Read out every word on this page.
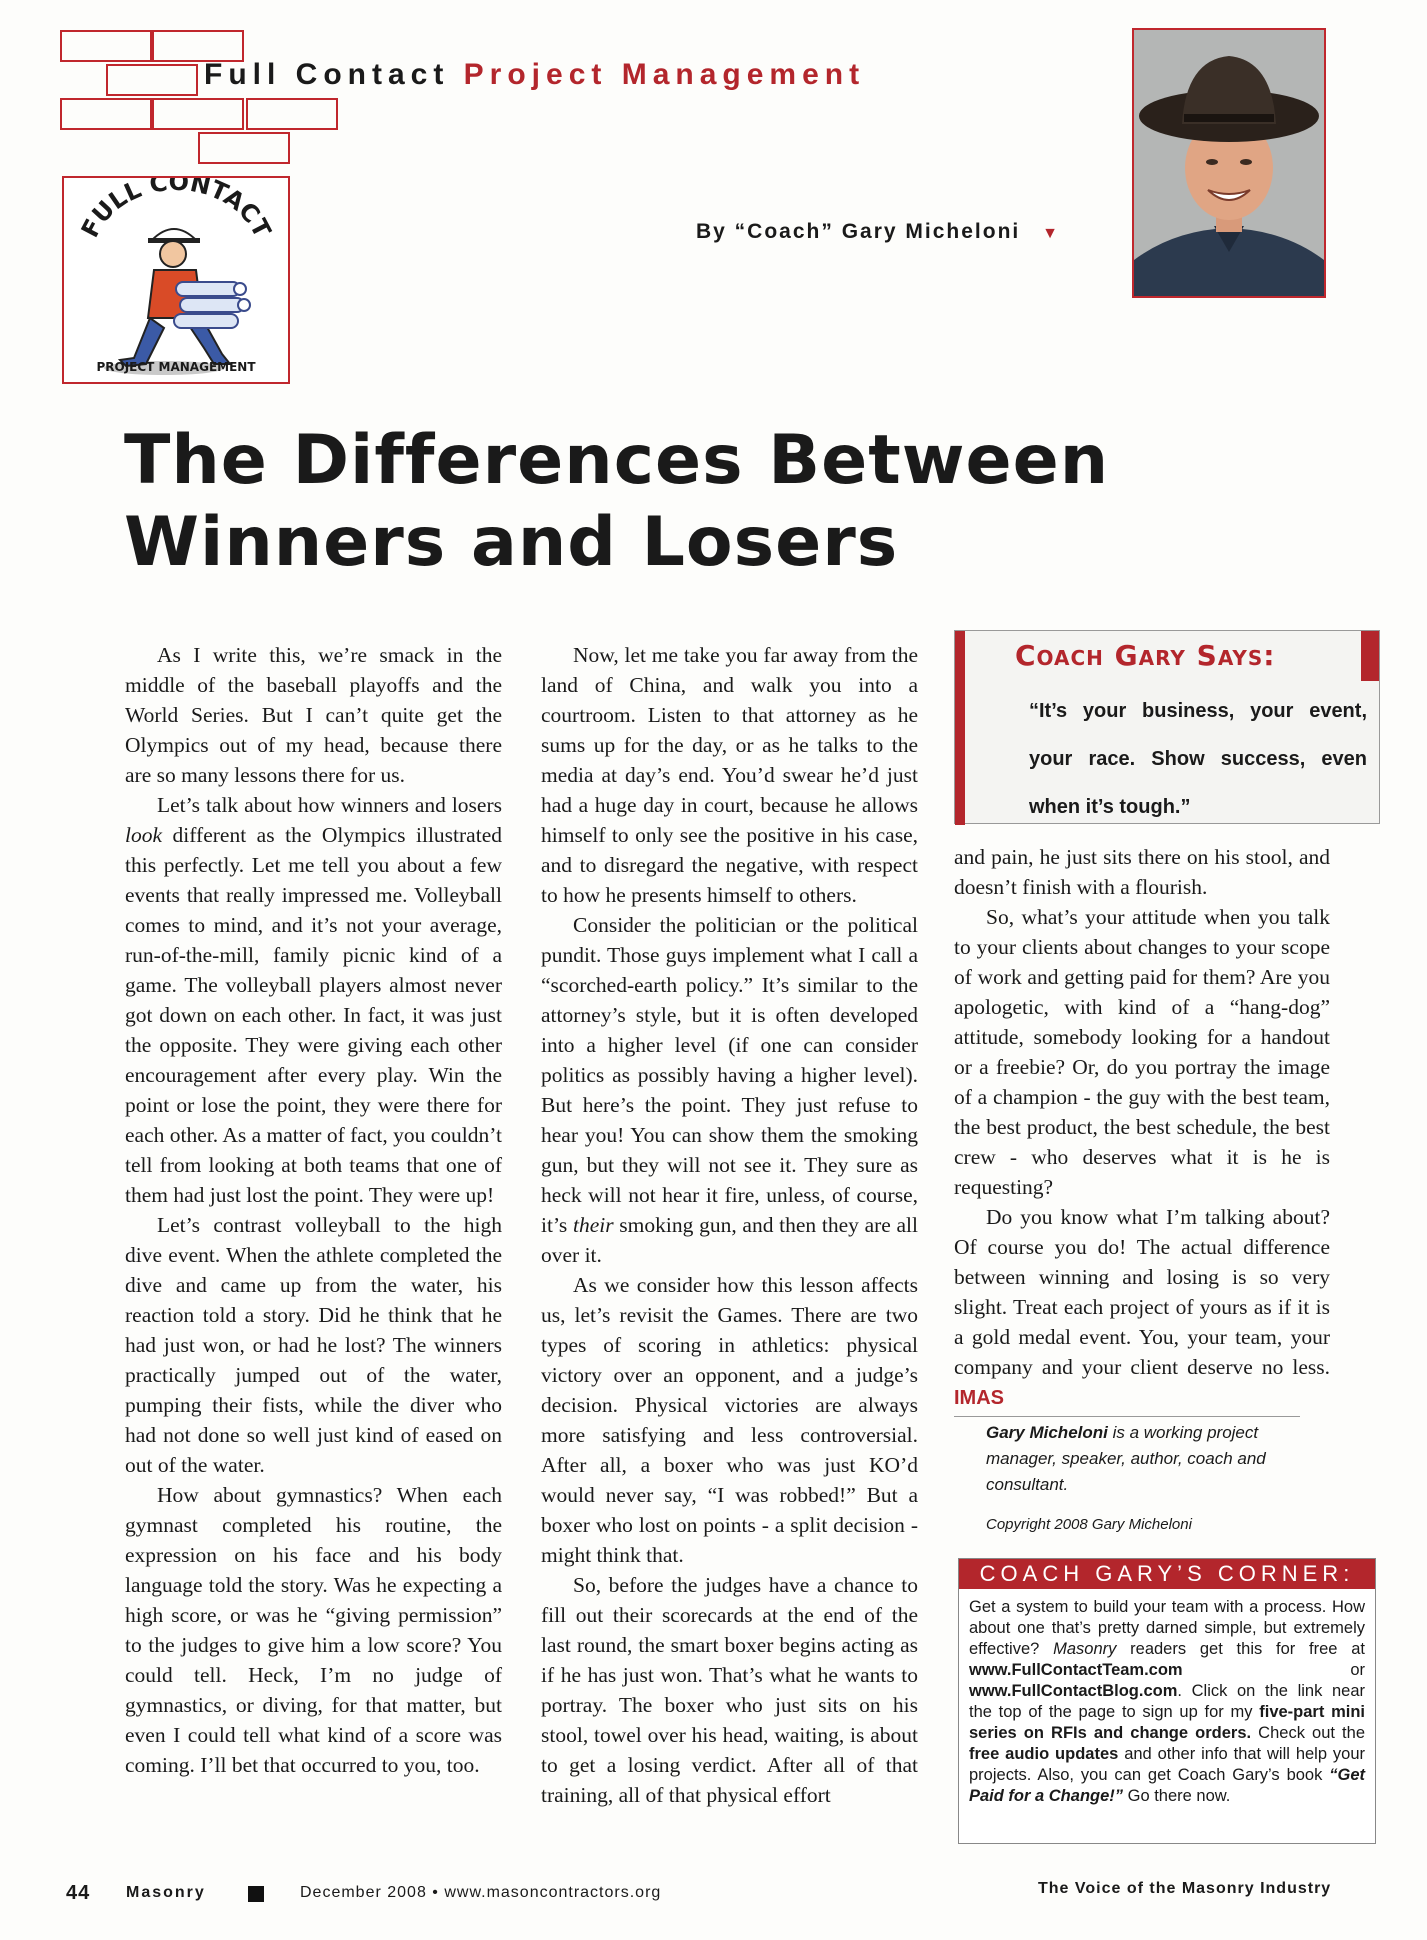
Full Contact Project Management
FULL CONTACT
PROJECT MANAGEMENT
By “Coach” Gary Micheloni ▼
The Differences Between
Winners and Losers

As I write this, we’re smack in the middle of the baseball playoffs and the World Series. But I can’t quite get the Olympics out of my head, because there are so many lessons there for us.

Let’s talk about how winners and losers look different as the Olympics illustrated this perfectly. Let me tell you about a few events that really impressed me. Volleyball comes to mind, and it’s not your average, run-of-the-mill, family picnic kind of a game. The volleyball players almost never got down on each other. In fact, it was just the opposite. They were giving each other encouragement after every play. Win the point or lose the point, they were there for each other. As a matter of fact, you couldn’t tell from looking at both teams that one of them had just lost the point. They were up!

Let’s contrast volleyball to the high dive event. When the athlete completed the dive and came up from the water, his reaction told a story. Did he think that he had just won, or had he lost? The winners practically jumped out of the water, pumping their fists, while the diver who had not done so well just kind of eased on out of the water.

How about gymnastics? When each gymnast completed his routine, the expression on his face and his body language told the story. Was he expecting a high score, or was he “giving permission” to the judges to give him a low score? You could tell. Heck, I’m no judge of gymnastics, or diving, for that matter, but even I could tell what kind of a score was coming. I’ll bet that occurred to you, too.

Now, let me take you far away from the land of China, and walk you into a courtroom. Listen to that attorney as he sums up for the day, or as he talks to the media at day’s end. You’d swear he’d just had a huge day in court, because he allows himself to only see the positive in his case, and to disregard the negative, with respect to how he presents himself to others.

Consider the politician or the political pundit. Those guys implement what I call a “scorched-earth policy.” It’s similar to the attorney’s style, but it is often developed into a higher level (if one can consider politics as possibly having a higher level). But here’s the point. They just refuse to hear you! You can show them the smoking gun, but they will not see it. They sure as heck will not hear it fire, unless, of course, it’s their smoking gun, and then they are all over it.

As we consider how this lesson affects us, let’s revisit the Games. There are two types of scoring in athletics: physical victory over an opponent, and a judge’s decision. Physical victories are always more satisfying and less controversial. After all, a boxer who was just KO’d would never say, “I was robbed!” But a boxer who lost on points - a split decision - might think that.

So, before the judges have a chance to fill out their scorecards at the end of the last round, the smart boxer begins acting as if he has just won. That’s what he wants to portray. The boxer who just sits on his stool, towel over his head, waiting, is about to get a losing verdict. After all of that training, all of that physical effort

Coach Gary Says:
“It’s your business, your event, your race. Show success, even when it’s tough.”

and pain, he just sits there on his stool, and doesn’t finish with a flourish.

So, what’s your attitude when you talk to your clients about changes to your scope of work and getting paid for them? Are you apologetic, with kind of a “hang-dog” attitude, somebody looking for a handout or a freebie? Or, do you portray the image of a champion - the guy with the best team, the best product, the best schedule, the best crew - who deserves what it is he is requesting?

Do you know what I’m talking about? Of course you do! The actual difference between winning and losing is so very slight. Treat each project of yours as if it is a gold medal event. You, your team, your company and your client deserve no less. IMAS

Gary Micheloni is a working project manager, speaker, author, coach and consultant.
Copyright 2008 Gary Micheloni
COACH GARY’S CORNER:
Get a system to build your team with a process. How about one that’s pretty darned simple, but extremely effective? Masonry readers get this for free at www.FullContactTeam.com or www.FullContactBlog.com. Click on the link near the top of the page to sign up for my five-part mini series on RFIs and change orders. Check out the free audio updates and other info that will help your projects. Also, you can get Coach Gary’s book “Get Paid for a Change!” Go there now.
44 Masonry	December 2008 • www.masoncontractors.org	The Voice of the Masonry Industry
